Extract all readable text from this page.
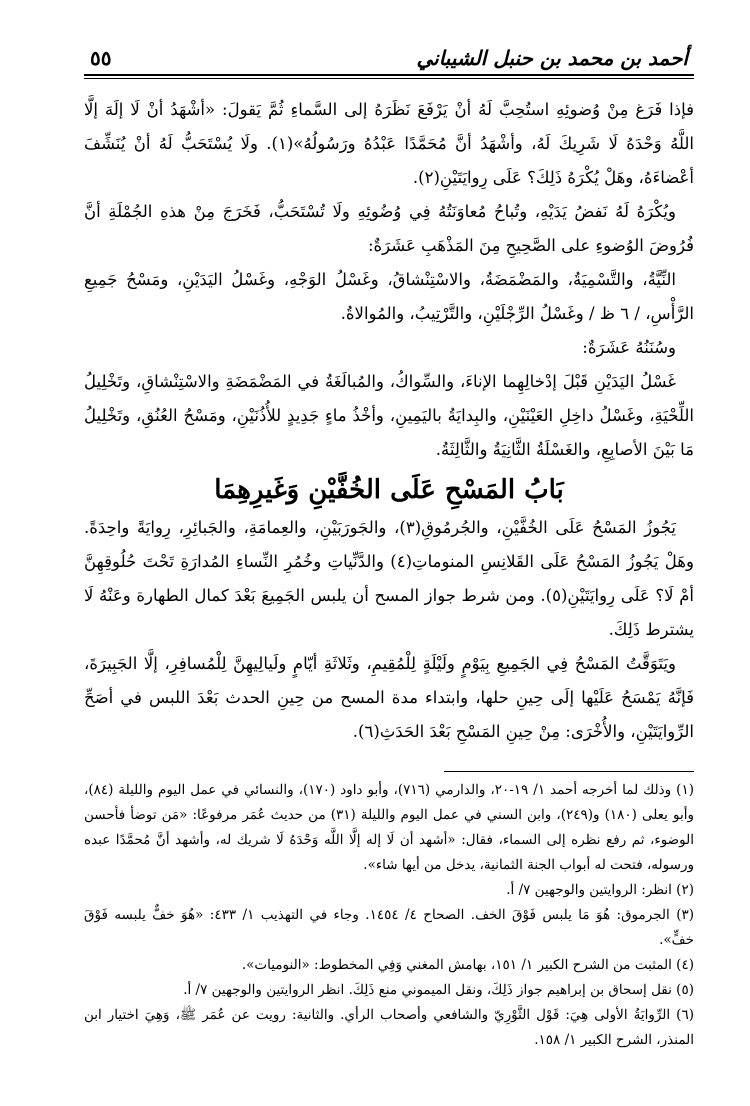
أحمد بن محمد بن حنبل الشيباني
٥٥

فإذا فَرَغ مِنْ وُضوئِهِ استُحِبَّ لَهُ أنْ يَرْفَعَ نَظَرَهُ إلى السَّماءِ ثُمَّ يَقولَ: «أشْهَدُ أنْ لَا إلَهَ إلَّا اللَّهُ وَحْدَهُ لَا شَرِيكَ لَهُ، وأشْهَدُ أنَّ مُحَمَّدًا عَبْدُهُ ورَسُولُهُ»(١). ولَا يُسْتَحَبُّ لَهُ أنْ يُنَشِّفَ أعْضاءَهُ، وهَلْ يُكْرَهُ ذَلِكَ؟ عَلَى رِوايَتَيْنِ(٢).

ويُكْرَهُ لَهُ نَفضُ يَدَيْهِ، وتُباحُ مُعاوَنَتُهُ فِي وُضُوئِهِ ولَا تُسْتَحَبُّ، فَخَرَجَ مِنْ هذهِ الجُمْلَةِ أنَّ فُرُوضَ الوُضوءِ على الصَّحِيحِ مِنَ المَذْهَبِ عَشَرَةٌ:

النِّيَّةُ، والتَّسْمِيَةُ، والمَضْمَضَةُ، والاسْتِنْشاقُ، وغَسْلُ الوَجْهِ، وغَسْلُ اليَدَيْنِ، ومَسْحُ جَمِيعِ الرَّأْسِ، / ٦ ظ / وغَسْلُ الرِّجْلَيْنِ، والتَّرْتِيبُ، والمُوالاةُ.

وسُنَنُهُ عَشَرَةٌ:

غَسْلُ اليَدَيْنِ قَبْلَ إدْخالِهِما الإناءَ، والسِّواكُ، والمُبالَغَةُ في المَضْمَضَةِ والاسْتِنْشاقِ، وتَخْلِيلُ اللِّحْيَةِ، وغَسْلُ داخِلِ العَيْنَيْنِ، والبِدايَةُ باليَمِينِ، وأخْذُ ماءٍ جَدِيدٍ للأُذُنَيْنِ، ومَسْحُ العُنُقِ، وتَخْلِيلُ مَا بَيْنَ الأصابِعِ، والغَسْلَةُ الثَّانِيَةُ والثَّالِثَةُ.

بَابُ المَسْحِ عَلَى الخُفَّيْنِ وَغَيرِهِمَا

يَجُوزُ المَسْحُ عَلَى الخُفَّيْنِ، والجُرمُوقِ(٣)، والجَورَبَيْنِ، والعِمامَةِ، والجَبائِرِ، رِوايَةً واحِدَةً. وهَلْ يَجُوزُ المَسْحُ عَلَى القَلانِسِ المنوماتِ(٤) والدَّنِّياتِ وخُمُرِ النِّساءِ المُدارَةِ تَحْتَ حُلُوقِهِنَّ أمْ لَا؟ عَلَى رِوايَتَيْنِ(٥). ومن شرط جواز المسح أن يلبس الجَمِيعَ بَعْدَ كمال الطهارة وعَنْهُ لَا يشترط ذَلِكَ.

ويَتَوَقَّتُ المَسْحُ فِي الجَمِيعِ بِيَوْمٍ ولَيْلَةٍ لِلْمُقِيمِ، وثَلاثَةِ أيّامٍ ولَيالِيهِنَّ لِلْمُسافِرِ، إلَّا الجَبِيرَةَ، فَإنَّهُ يَمْسَحُ عَلَيْها إلَى حِينِ حلها، وابتداء مدة المسح من حِينِ الحدث بَعْدَ اللبس في أصَحِّ الرِّوايَتَيْنِ، والأُخْرَى: مِنْ حِينِ المَسْحِ بَعْدَ الحَدَثِ(٦).

(١) وذلك لما أخرجه أحمد ١/ ١٩-٢٠، والدارمي (٧١٦)، وأبو داود (١٧٠)، والنسائي في عمل اليوم والليلة (٨٤)، وأبو يعلى (١٨٠) و(٢٤٩)، وابن السني في عمل اليوم والليلة (٣١) من حديث عُمَر مرفوعًا: «مَن توضأ فأحسن الوضوء، ثم رفع نظره إلى السماء، فقال: «أشهد أن لَا إله إلَّا اللَّه وَحْدَهُ لَا شريك له، وأشهد أنَّ مُحمَّدًا عبده ورسوله، فتحت له أبواب الجنة الثمانية، يدخل من أيها شاء».

(٢) انظر: الروايتين والوجهين ٧/ أ.

(٣) الجرموق: هُوَ مَا يلبس فَوْقَ الخف. الصحاح ٤/ ١٤٥٤. وجاء في التهذيب ١/ ٤٣٣: «هُوَ خفٌّ يلبسه فَوْقَ خفٍّ».

(٤) المثبت من الشرح الكبير ١/ ١٥١، بهامش المغني وَفِي المخطوط: «النوميات».

(٥) نقل إسحاق بن إبراهيم جواز ذَلِكَ، ونقل الميموني منع ذَلِكَ. انظر الروايتين والوجهين ٧/ أ.

(٦) الرِّوايَةُ الأولى هِيَ: قَوْل الثَّوْرِيّ والشافعي وأصحاب الرأي. والثانية: رويت عن عُمَر ﷺ، وَهِيَ اختيار ابن المنذر، الشرح الكبير ١/ ١٥٨.
